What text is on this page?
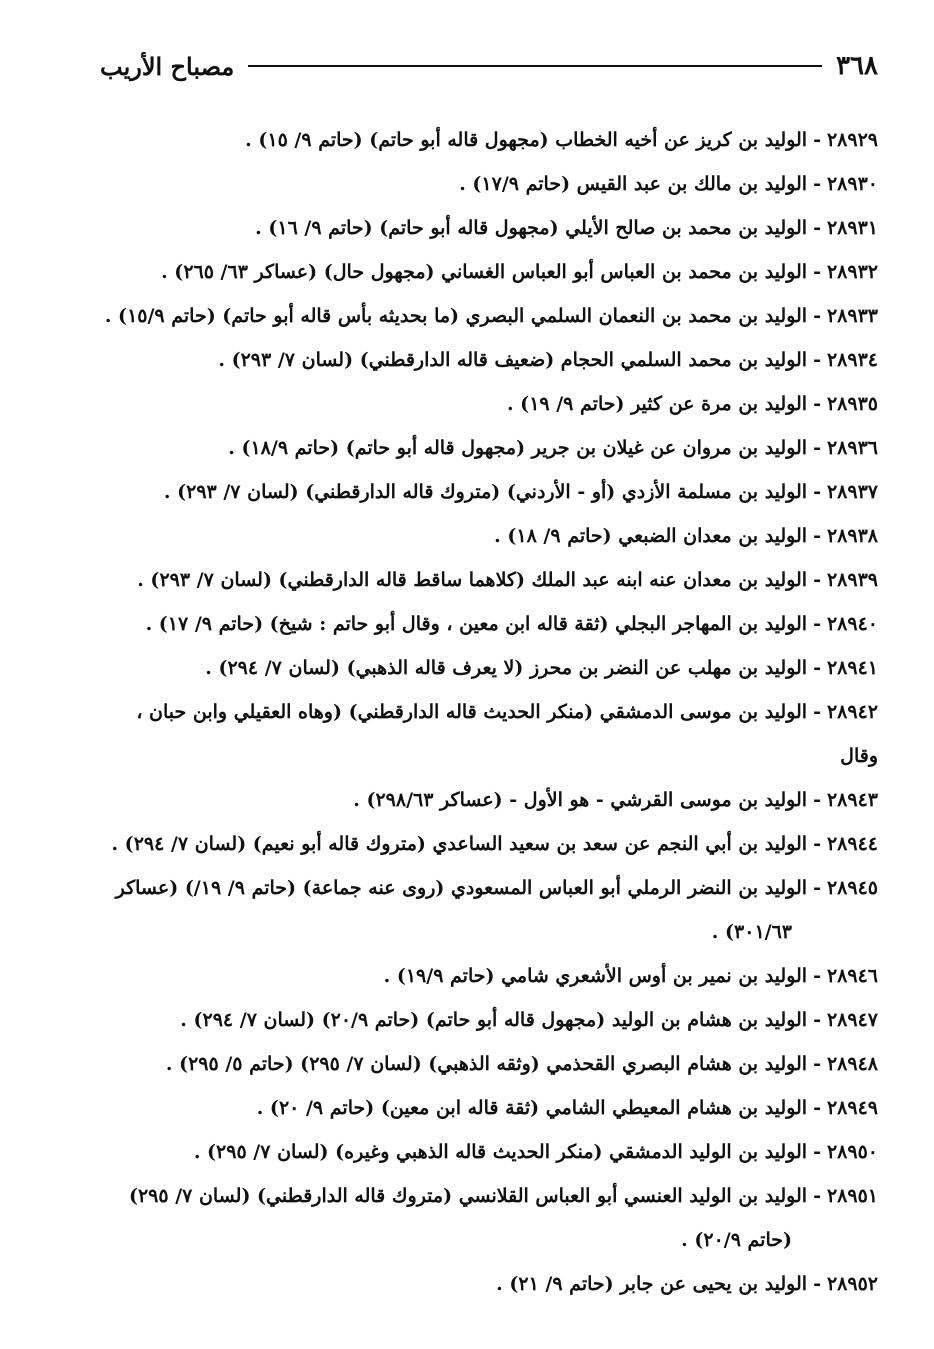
٣٦٨
مصباح الأريب
٢٨٩٢٩-الوليد بن كريز عن أخيه الخطاب (مجهول قاله أبو حاتم) (حاتم ٩/ ١٥) .
٢٨٩٣٠-الوليد بن مالك بن عبد القيس (حاتم ١٧/٩) .
٢٨٩٣١-الوليد بن محمد بن صالح الأيلي (مجهول قاله أبو حاتم) (حاتم ٩/ ١٦) .
٢٨٩٣٢-الوليد بن محمد بن العباس أبو العباس الغساني (مجهول حال) (عساكر ٦٣/ ٢٦٥) .
٢٨٩٣٣-الوليد بن محمد بن النعمان السلمي البصري (ما بحديثه بأس قاله أبو حاتم) (حاتم ١٥/٩) .
٢٨٩٣٤-الوليد بن محمد السلمي الحجام (ضعيف قاله الدارقطني) (لسان ٧/ ٢٩٣) .
٢٨٩٣٥-الوليد بن مرة عن كثير (حاتم ٩/ ١٩) .
٢٨٩٣٦-الوليد بن مروان عن غيلان بن جرير (مجهول قاله أبو حاتم) (حاتم ١٨/٩) .
٢٨٩٣٧-الوليد بن مسلمة الأزدي (أو - الأردني) (متروك قاله الدارقطني) (لسان ٧/ ٢٩٣) .
٢٨٩٣٨-الوليد بن معدان الضبعي (حاتم ٩/ ١٨) .
٢٨٩٣٩-الوليد بن معدان عنه ابنه عبد الملك (كلاهما ساقط قاله الدارقطني) (لسان ٧/ ٢٩٣) .
٢٨٩٤٠-الوليد بن المهاجر البجلي (ثقة قاله ابن معين ، وقال أبو حاتم : شيخ) (حاتم ٩/ ١٧) .
٢٨٩٤١-الوليد بن مهلب عن النضر بن محرز (لا يعرف قاله الذهبي) (لسان ٧/ ٢٩٤) .
٢٨٩٤٢-الوليد بن موسى الدمشقي (منكر الحديث قاله الدارقطني) (وهاه العقيلي وابن حبان ، وقال
٢٨٩٤٣-الوليد بن موسى القرشي - هو الأول - (عساكر ٢٩٨/٦٣) .
٢٨٩٤٤-الوليد بن أبي النجم عن سعد بن سعيد الساعدي (متروك قاله أبو نعيم) (لسان ٧/ ٢٩٤) .
٢٨٩٤٥-الوليد بن النضر الرملي أبو العباس المسعودي (روى عنه جماعة) (حاتم ٩/ ١٩/) (عساكر
٣٠١/٦٣) .
٢٨٩٤٦-الوليد بن نمير بن أوس الأشعري شامي (حاتم ١٩/٩) .
٢٨٩٤٧-الوليد بن هشام بن الوليد (مجهول قاله أبو حاتم) (حاتم ٢٠/٩) (لسان ٧/ ٢٩٤) .
٢٨٩٤٨-الوليد بن هشام البصري القحذمي (وثقه الذهبي) (لسان ٧/ ٢٩٥) (حاتم ٥/ ٢٩٥) .
٢٨٩٤٩-الوليد بن هشام المعيطي الشامي (ثقة قاله ابن معين) (حاتم ٩/ ٢٠) .
٢٨٩٥٠-الوليد بن الوليد الدمشقي (منكر الحديث قاله الذهبي وغيره) (لسان ٧/ ٢٩٥) .
٢٨٩٥١-الوليد بن الوليد العنسي أبو العباس القلانسي (متروك قاله الدارقطني) (لسان ٧/ ٢٩٥)
(حاتم ٢٠/٩) .
٢٨٩٥٢-الوليد بن يحيى عن جابر (حاتم ٩/ ٢١) .
